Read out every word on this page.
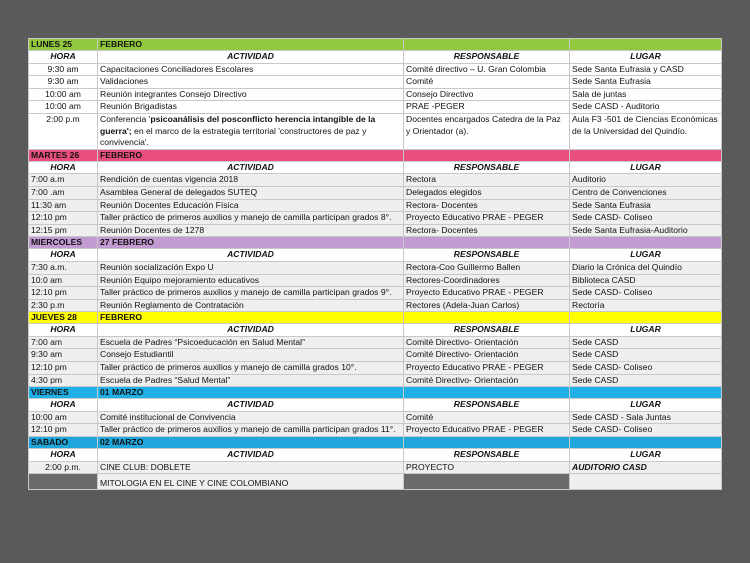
LUNES 25	FEBRERO		
HORA	ACTIVIDAD	RESPONSABLE	LUGAR
9:30 am	Capacitaciones Conciliadores Escolares	Comité directivo – U. Gran Colombia	Sede Santa Eufrasia y CASD
9:30 am	Validaciones	Comité	Sede Santa Eufrasia
10:00 am	Reunión integrantes Consejo Directivo	Consejo Directivo	Sala de juntas
10:00 am	Reunión Brigadistas	PRAE -PEGER	Sede CASD - Auditorio
2:00 p.m	Conferencia 'psicoanálisis del posconflicto herencia intangible de la guerra'; en el marco de la estrategia territorial 'constructores de paz y convivencia'.	Docentes encargados Catedra de la Paz y Orientador (a).	Aula F3 -501 de Ciencias Económicas de la Universidad del Quindío.
MARTES 26	FEBRERO		
HORA	ACTIVIDAD	RESPONSABLE	LUGAR
7:00 a.m	Rendición de cuentas vigencia 2018	Rectora	Auditorio
7:00 .am	Asamblea General de delegados SUTEQ	Delegados elegidos	Centro de Convenciones
11:30 am	Reunión Docentes Educación Física	Rectora- Docentes	Sede Santa Eufrasia
12:10 pm	Taller práctico de primeros auxilios y manejo de camilla participan grados 8°.	Proyecto Educativo PRAE - PEGER	Sede CASD- Coliseo
12:15 pm	Reunión Docentes de 1278	Rectora- Docentes	Sede Santa Eufrasia-Auditorio
MIERCOLES	27 FEBRERO		
HORA	ACTIVIDAD	RESPONSABLE	LUGAR
7:30 a.m.	Reunión socialización Expo U	Rectora-Coo Guillermo Ballen	Diario la Crónica del Quindío
10:0 am	Reunión Equipo mejoramiento educativos	Rectores-Coordinadores	Biblioteca CASD
12:10 pm	Taller práctico de primeros auxilios y manejo de camilla participan grados 9°.	Proyecto Educativo PRAE - PEGER	Sede CASD- Coliseo
2:30 p.m	Reunión Reglamento de Contratación	Rectores (Adela-Juan Carlos)	Rectoría
JUEVES 28	FEBRERO		
HORA	ACTIVIDAD	RESPONSABLE	LUGAR
7:00 am	Escuela de Padres “Psicoeducación en Salud Mental”	Comité Directivo- Orientación	Sede CASD
9:30 am	Consejo Estudiantil	Comité Directivo- Orientación	Sede CASD
12:10 pm	Taller práctico de primeros auxilios y manejo de camilla grados 10°.	Proyecto Educativo PRAE - PEGER	Sede CASD- Coliseo
4:30 pm	Escuela de Padres “Salud Mental”	Comité Directivo- Orientación	Sede CASD
VIERNES	01 MARZO		
HORA	ACTIVIDAD	RESPONSABLE	LUGAR
10:00 am	Comité institucional de Convivencia	Comité	Sede CASD - Sala Juntas
12:10 pm	Taller práctico de primeros auxilios y manejo de camilla participan grados 11°.	Proyecto Educativo PRAE - PEGER	Sede CASD- Coliseo
SABADO	02 MARZO		
HORA	ACTIVIDAD	RESPONSABLE	LUGAR
2:00 p.m.	CINE CLUB: DOBLETE	PROYECTO	AUDITORIO CASD
	MITOLOGIA EN EL CINE Y CINE COLOMBIANO		
